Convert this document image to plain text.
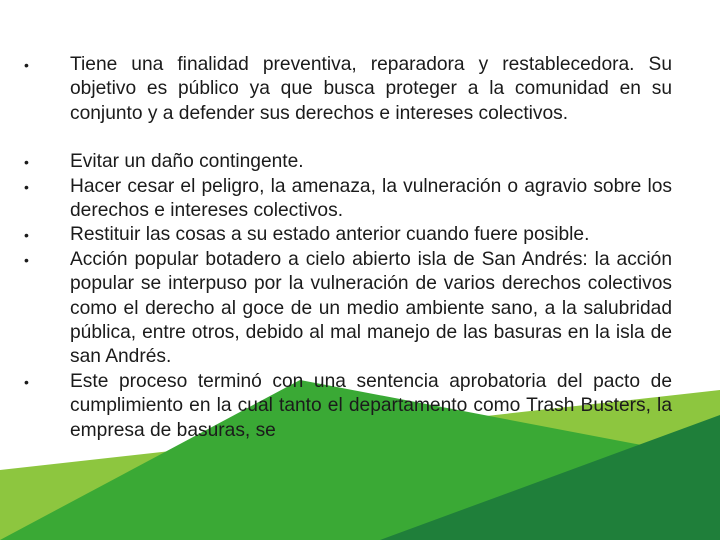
• Tiene una finalidad preventiva, reparadora y restablecedora. Su objetivo es público ya que busca proteger a la comunidad en su conjunto y a defender sus derechos e intereses colectivos.
• Evitar un daño contingente.
• Hacer cesar el peligro, la amenaza, la vulneración o agravio sobre los derechos e intereses colectivos.
• Restituir las cosas a su estado anterior cuando fuere posible.
• Acción popular botadero a cielo abierto isla de San Andrés: la acción popular se interpuso por la vulneración de varios derechos colectivos como el derecho al goce de un medio ambiente sano, a la salubridad pública, entre otros, debido al mal manejo de las basuras en la isla de san Andrés.
• Este proceso terminó con una sentencia aprobatoria del pacto de cumplimiento en la cual tanto el departamento como Trash Busters, la empresa de basuras, se
